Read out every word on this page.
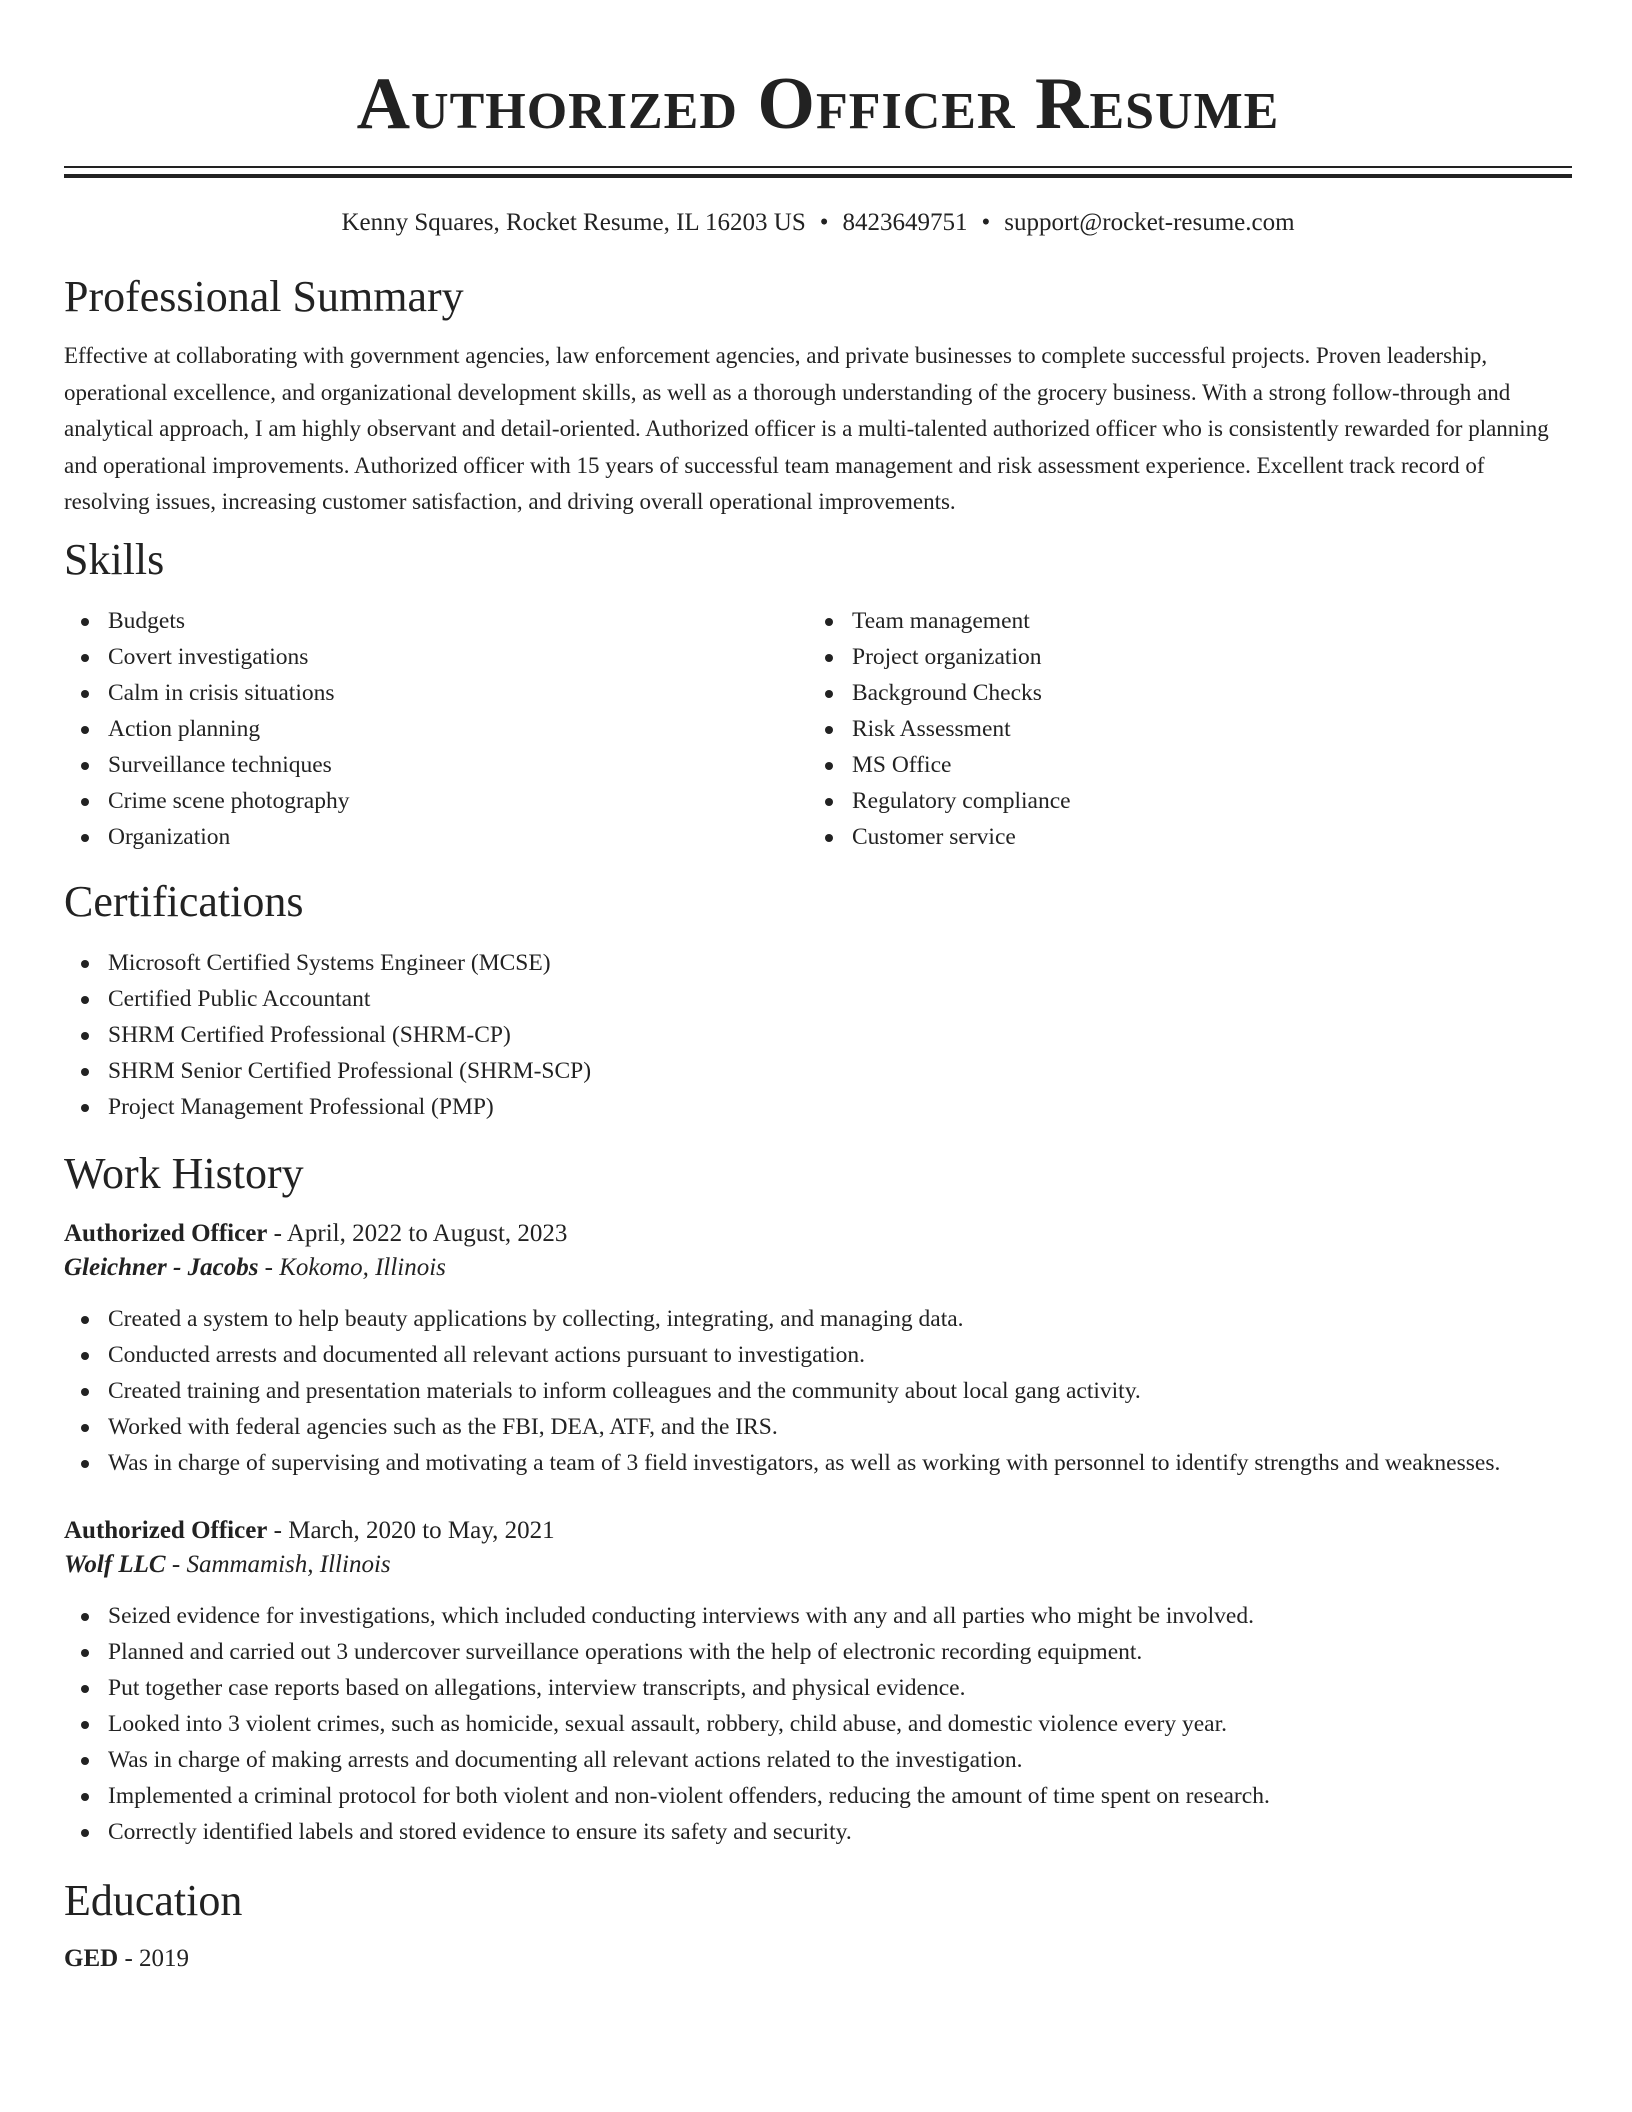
Authorized Officer Resume
Kenny Squares, Rocket Resume, IL 16203 US • 8423649751 • support@rocket-resume.com
Professional Summary

Effective at collaborating with government agencies, law enforcement agencies, and private businesses to complete successful projects. Proven leadership, operational excellence, and organizational development skills, as well as a thorough understanding of the grocery business. With a strong follow-through and analytical approach, I am highly observant and detail-oriented. Authorized officer is a multi-talented authorized officer who is consistently rewarded for planning and operational improvements. Authorized officer with 15 years of successful team management and risk assessment experience. Excellent track record of resolving issues, increasing customer satisfaction, and driving overall operational improvements.

Skills
Budgets
Covert investigations
Calm in crisis situations
Action planning
Surveillance techniques
Crime scene photography
Organization
Team management
Project organization
Background Checks
Risk Assessment
MS Office
Regulatory compliance
Customer service
Certifications
Microsoft Certified Systems Engineer (MCSE)
Certified Public Accountant
SHRM Certified Professional (SHRM-CP)
SHRM Senior Certified Professional (SHRM-SCP)
Project Management Professional (PMP)
Work History
Authorized Officer - April, 2022 to August, 2023
Gleichner - Jacobs - Kokomo, Illinois
Created a system to help beauty applications by collecting, integrating, and managing data.
Conducted arrests and documented all relevant actions pursuant to investigation.
Created training and presentation materials to inform colleagues and the community about local gang activity.
Worked with federal agencies such as the FBI, DEA, ATF, and the IRS.
Was in charge of supervising and motivating a team of 3 field investigators, as well as working with personnel to identify strengths and weaknesses.
Authorized Officer - March, 2020 to May, 2021
Wolf LLC - Sammamish, Illinois
Seized evidence for investigations, which included conducting interviews with any and all parties who might be involved.
Planned and carried out 3 undercover surveillance operations with the help of electronic recording equipment.
Put together case reports based on allegations, interview transcripts, and physical evidence.
Looked into 3 violent crimes, such as homicide, sexual assault, robbery, child abuse, and domestic violence every year.
Was in charge of making arrests and documenting all relevant actions related to the investigation.
Implemented a criminal protocol for both violent and non-violent offenders, reducing the amount of time spent on research.
Correctly identified labels and stored evidence to ensure its safety and security.
Education
GED - 2019
